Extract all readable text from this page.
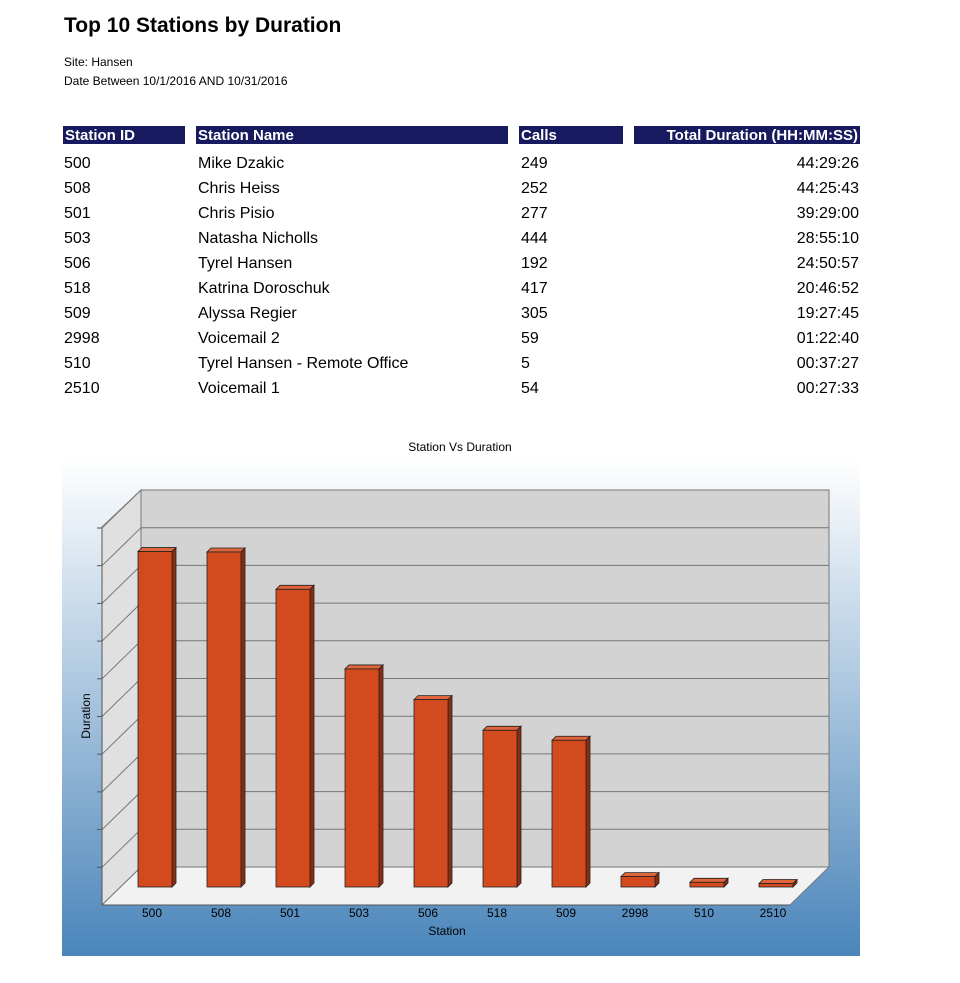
Top 10 Stations by Duration
Site: Hansen
Date Between 10/1/2016 AND 10/31/2016
Station ID	Station Name	Calls	Total Duration (HH:MM:SS)
500	Mike Dzakic	249	44:29:26
508	Chris Heiss	252	44:25:43
501	Chris Pisio	277	39:29:00
503	Natasha Nicholls	444	28:55:10
506	Tyrel Hansen	192	24:50:57
518	Katrina Doroschuk	417	20:46:52
509	Alyssa Regier	305	19:27:45
2998	Voicemail 2	59	01:22:40
510	Tyrel Hansen - Remote Office	5	00:37:27
2510	Voicemail 1	54	00:27:33
Station Vs Duration
500	508	501	503	506	518	509	2998	510	2510
Station
Duration
